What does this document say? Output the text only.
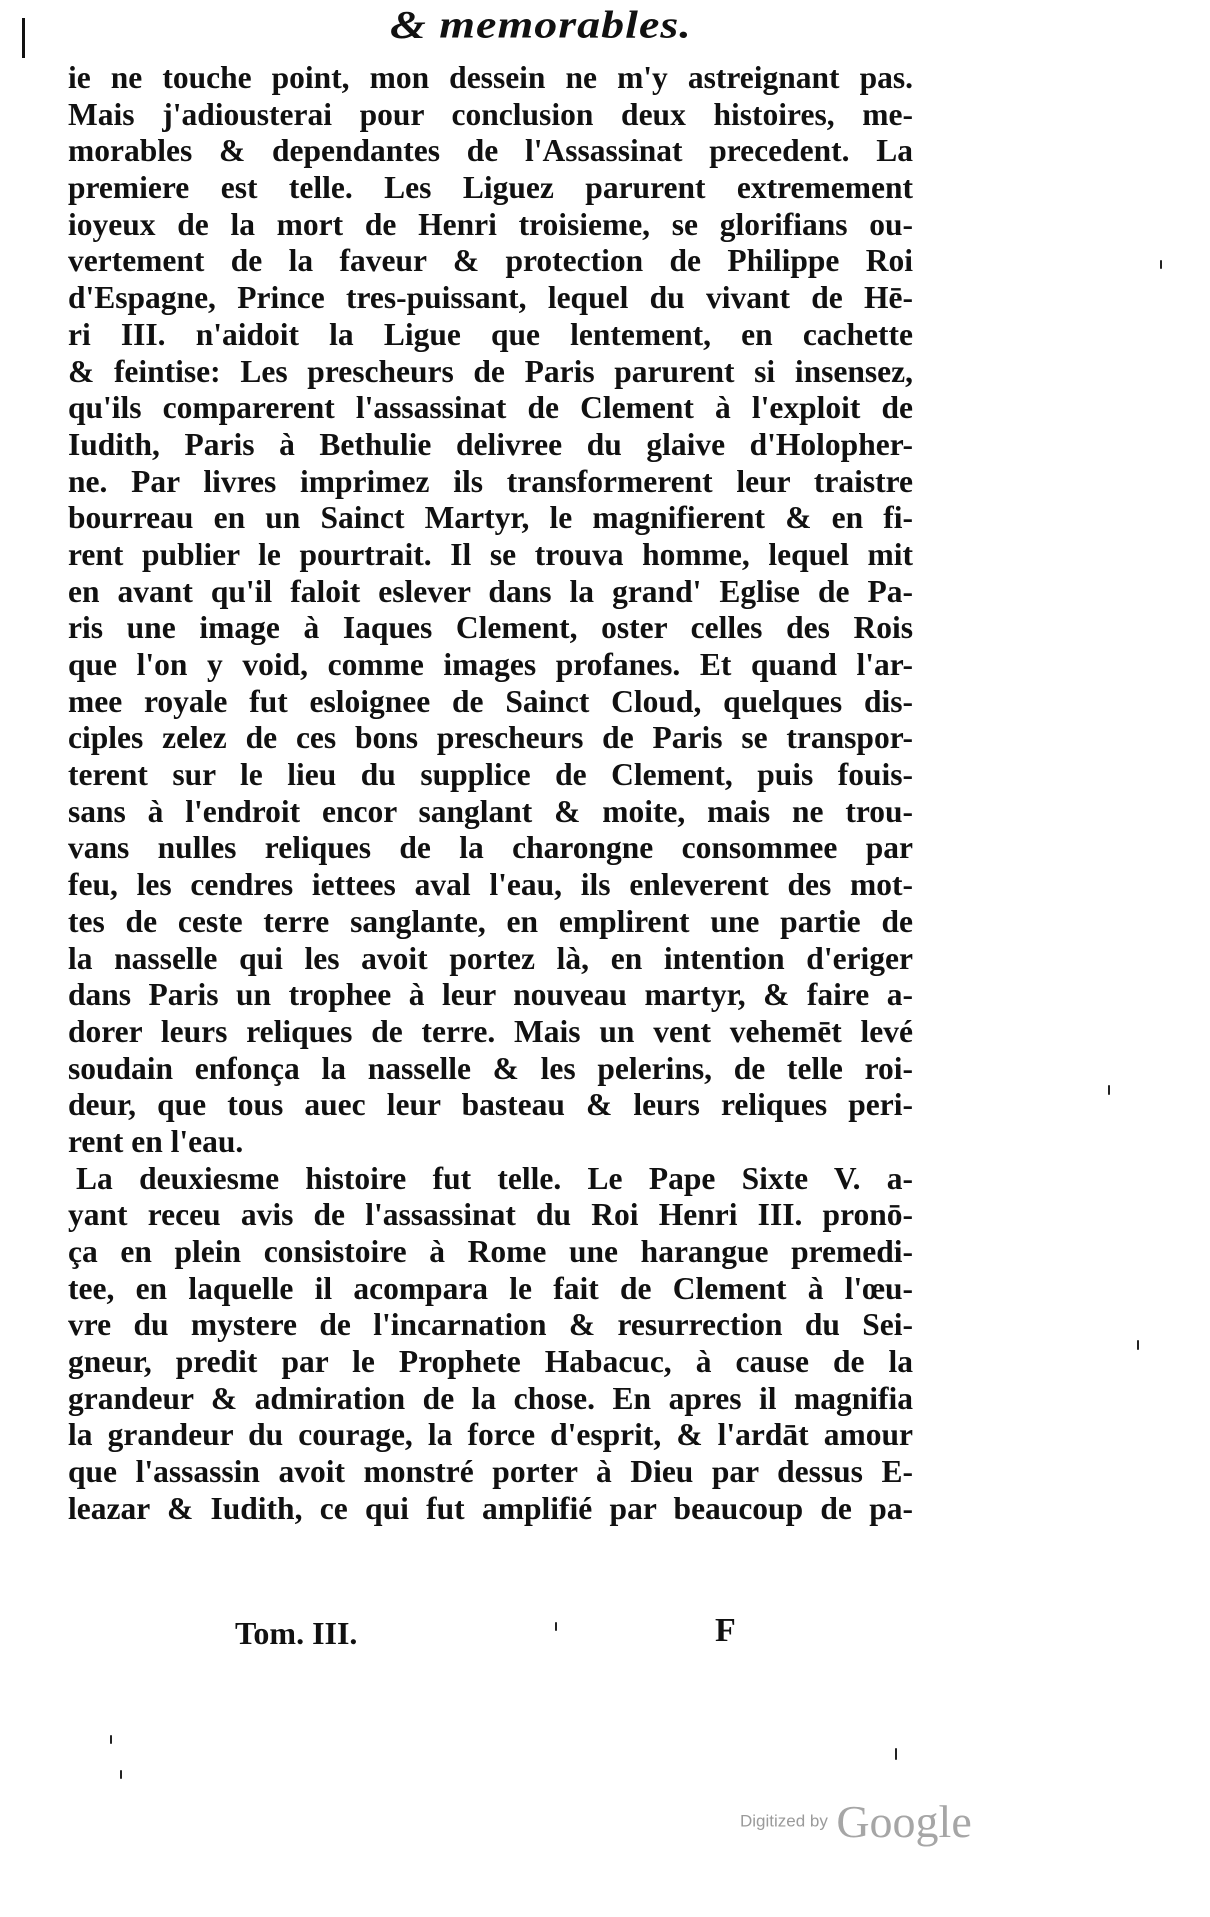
& memorables.
ie ne touche point, mon dessein ne m'y astreignant pas.
Mais j'adiousterai pour conclusion deux histoires, me-
morables & dependantes de l'Assassinat precedent. La
premiere est telle. Les Liguez parurent extremement
ioyeux de la mort de Henri troisieme, se glorifians ou-
vertement de la faveur & protection de Philippe Roi
d'Espagne, Prince tres-puissant, lequel du vivant de Hē-
ri III. n'aidoit la Ligue que lentement, en cachette
& feintise: Les prescheurs de Paris parurent si insensez,
qu'ils comparerent l'assassinat de Clement à l'exploit de
Iudith, Paris à Bethulie delivree du glaive d'Holopher-
ne. Par livres imprimez ils transformerent leur traistre
bourreau en un Sainct Martyr, le magnifierent & en fi-
rent publier le pourtrait. Il se trouva homme, lequel mit
en avant qu'il faloit eslever dans la grand' Eglise de Pa-
ris une image à Iaques Clement, oster celles des Rois
que l'on y void, comme images profanes. Et quand l'ar-
mee royale fut esloignee de Sainct Cloud, quelques dis-
ciples zelez de ces bons prescheurs de Paris se transpor-
terent sur le lieu du supplice de Clement, puis fouis-
sans à l'endroit encor sanglant & moite, mais ne trou-
vans nulles reliques de la charongne consommee par
feu, les cendres iettees aval l'eau, ils enleverent des mot-
tes de ceste terre sanglante, en emplirent une partie de
la nasselle qui les avoit portez là, en intention d'eriger
dans Paris un trophee à leur nouveau martyr, & faire a-
dorer leurs reliques de terre. Mais un vent vehemēt levé
soudain enfonça la nasselle & les pelerins, de telle roi-
deur, que tous auec leur basteau & leurs reliques peri-
rent en l'eau.
La deuxiesme histoire fut telle. Le Pape Sixte V. a-
yant receu avis de l'assassinat du Roi Henri III. pronō-
ça en plein consistoire à Rome une harangue premedi-
tee, en laquelle il acompara le fait de Clement à l'œu-
vre du mystere de l'incarnation & resurrection du Sei-
gneur, predit par le Prophete Habacuc, à cause de la
grandeur & admiration de la chose. En apres il magnifia
la grandeur du courage, la force d'esprit, & l'ardāt amour
que l'assassin avoit monstré porter à Dieu par dessus E-
leazar & Iudith, ce qui fut amplifié par beaucoup de pa-
Tom. III.	F
Digitized by Google
